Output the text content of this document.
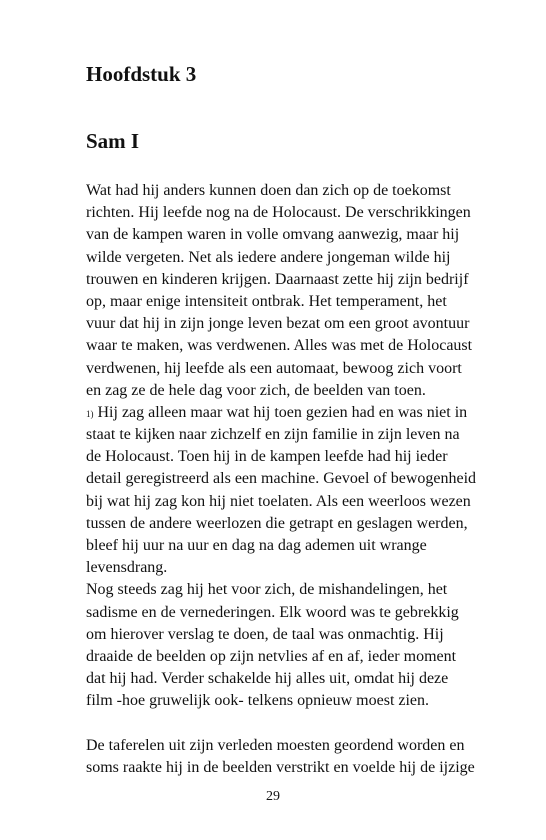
Hoofdstuk 3
Sam I
Wat had hij anders kunnen doen dan zich op de toekomst
richten. Hij leefde nog na de Holocaust. De verschrikkingen
van de kampen waren in volle omvang aanwezig, maar hij
wilde vergeten. Net als iedere andere jongeman wilde hij
trouwen en kinderen krijgen. Daarnaast zette hij zijn bedrijf
op, maar enige intensiteit ontbrak. Het temperament, het
vuur dat hij in zijn jonge leven bezat om een groot avontuur
waar te maken, was verdwenen. Alles was met de Holocaust
verdwenen, hij leefde als een automaat, bewoog zich voort
en zag ze de hele dag voor zich, de beelden van toen.
1) Hij zag alleen maar wat hij toen gezien had en was niet in
staat te kijken naar zichzelf en zijn familie in zijn leven na
de Holocaust. Toen hij in de kampen leefde had hij ieder
detail geregistreerd als een machine. Gevoel of bewogenheid
bij wat hij zag kon hij niet toelaten. Als een weerloos wezen
tussen de andere weerlozen die getrapt en geslagen werden,
bleef hij uur na uur en dag na dag ademen uit wrange
levensdrang.
Nog steeds zag hij het voor zich, de mishandelingen, het
sadisme en de vernederingen. Elk woord was te gebrekkig
om hierover verslag te doen, de taal was onmachtig. Hij
draaide de beelden op zijn netvlies af en af, ieder moment
dat hij had. Verder schakelde hij alles uit, omdat hij deze
film -hoe gruwelijk ook- telkens opnieuw moest zien.
De taferelen uit zijn verleden moesten geordend worden en
soms raakte hij in de beelden verstrikt en voelde hij de ijzige
29
